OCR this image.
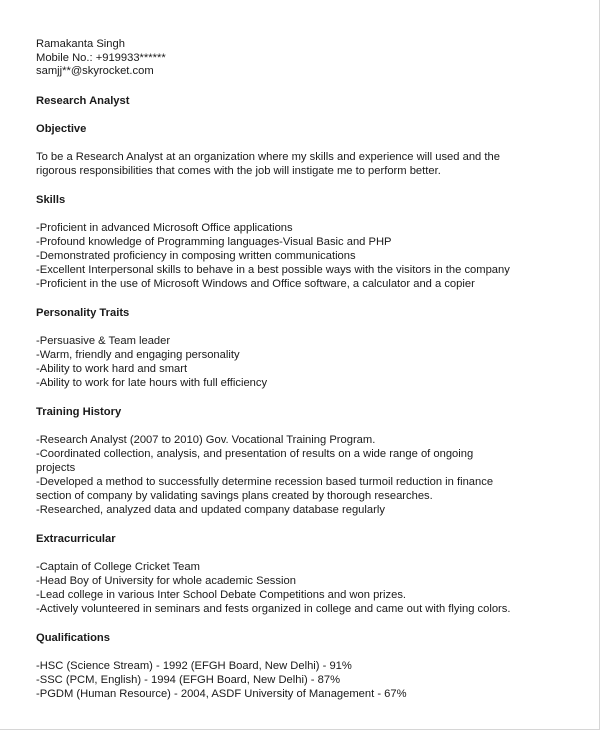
Ramakanta Singh
Mobile No.: +919933******
samjj**@skyrocket.com
Research Analyst
Objective
To be a Research Analyst at an organization where my skills and experience will used and the
rigorous responsibilities that comes with the job will instigate me to perform better.
Skills
-Proficient in advanced Microsoft Office applications
-Profound knowledge of Programming languages-Visual Basic and PHP
-Demonstrated proficiency in composing written communications
-Excellent Interpersonal skills to behave in a best possible ways with the visitors in the company
-Proficient in the use of Microsoft Windows and Office software, a calculator and a copier
Personality Traits
-Persuasive & Team leader
-Warm, friendly and engaging personality
-Ability to work hard and smart
-Ability to work for late hours with full efficiency
Training History
-Research Analyst (2007 to 2010) Gov. Vocational Training Program.
-Coordinated collection, analysis, and presentation of results on a wide range of ongoing
projects
-Developed a method to successfully determine recession based turmoil reduction in finance
section of company by validating savings plans created by thorough researches.
-Researched, analyzed data and updated company database regularly
Extracurricular
-Captain of College Cricket Team
-Head Boy of University for whole academic Session
-Lead college in various Inter School Debate Competitions and won prizes.
-Actively volunteered in seminars and fests organized in college and came out with flying colors.
Qualifications
-HSC (Science Stream) - 1992 (EFGH Board, New Delhi) - 91%
-SSC (PCM, English) - 1994 (EFGH Board, New Delhi) - 87%
-PGDM (Human Resource) - 2004, ASDF University of Management - 67%
